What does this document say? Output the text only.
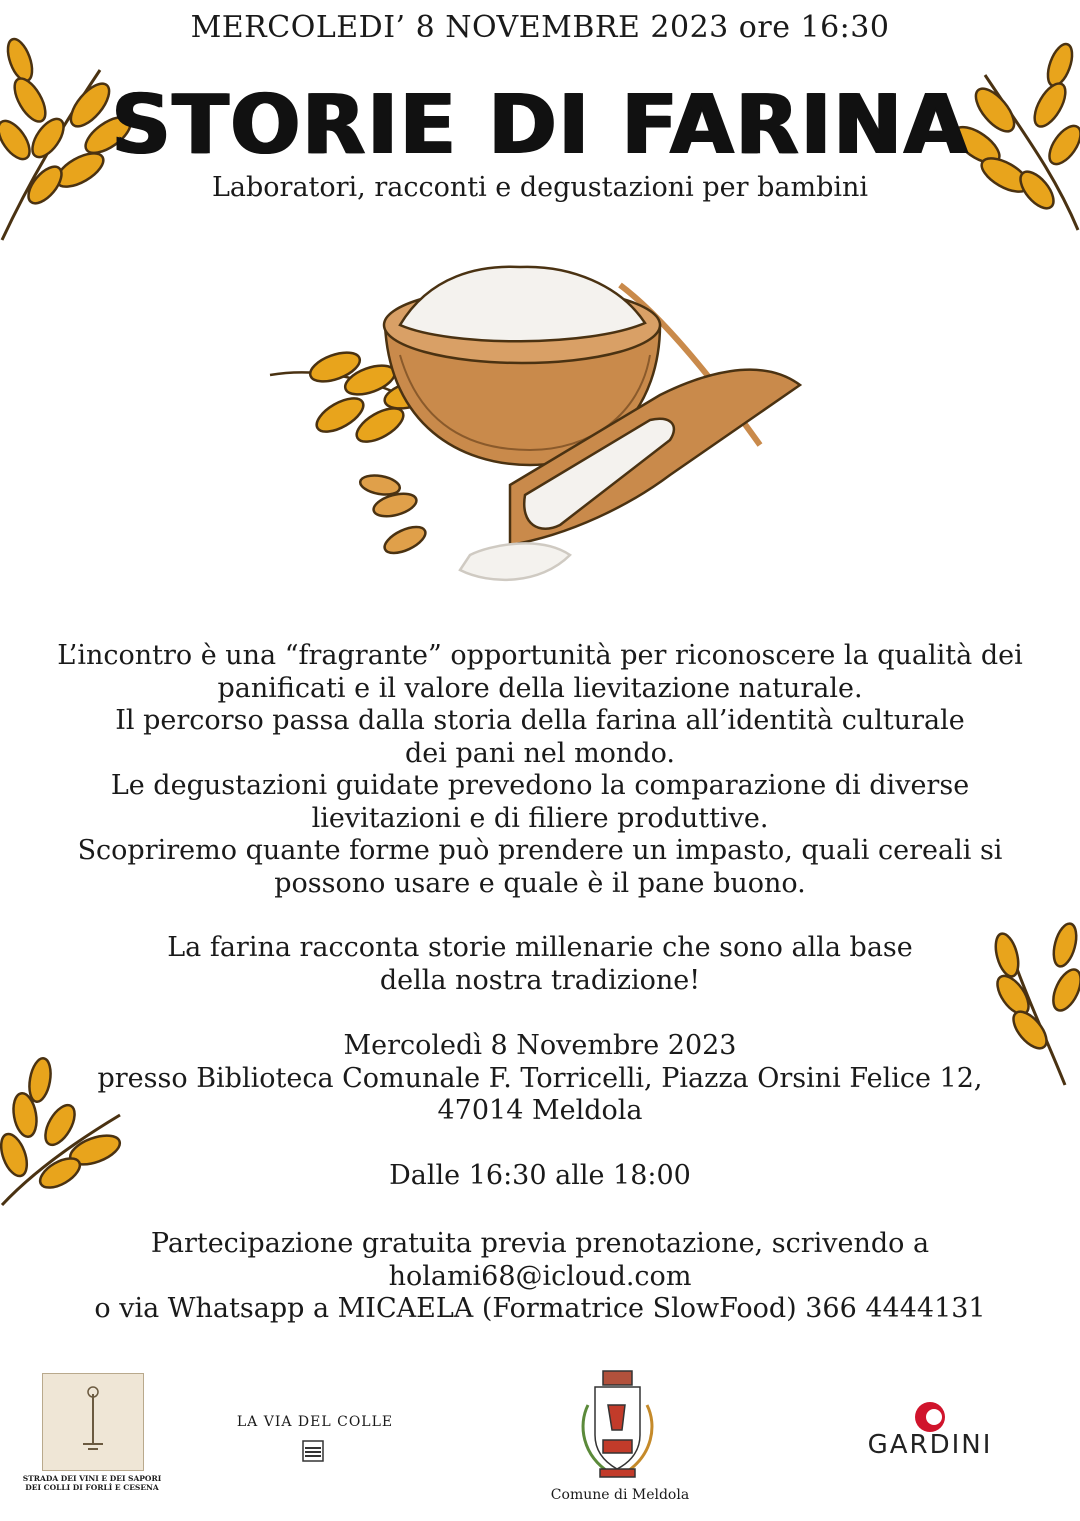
MERCOLEDI’ 8 NOVEMBRE 2023 ore 16:30
STORIE DI FARINA
Laboratori, racconti e degustazioni per bambini
L’incontro è una “fragrante” opportunità per riconoscere la qualità dei
panificati e il valore della lievitazione naturale.
Il percorso passa dalla storia della farina all’identità culturale
dei pani nel mondo.
Le degustazioni guidate prevedono la comparazione di diverse
lievitazioni e di filiere produttive.
Scopriremo quante forme può prendere un impasto, quali cereali si
possono usare e quale è il pane buono.
La farina racconta storie millenarie che sono alla base
della nostra tradizione!
Mercoledì 8 Novembre 2023
presso Biblioteca Comunale F. Torricelli, Piazza Orsini Felice 12,
47014 Meldola
Dalle 16:30 alle 18:00
Partecipazione gratuita previa prenotazione, scrivendo a
holami68@icloud.com
o via Whatsapp a MICAELA (Formatrice SlowFood) 366 4444131
STRADA DEI VINI E DEI SAPORI
DEI COLLI DI FORLÌ E CESENA
LA VIA DEL COLLE
Comune di Meldola
GARDINI
